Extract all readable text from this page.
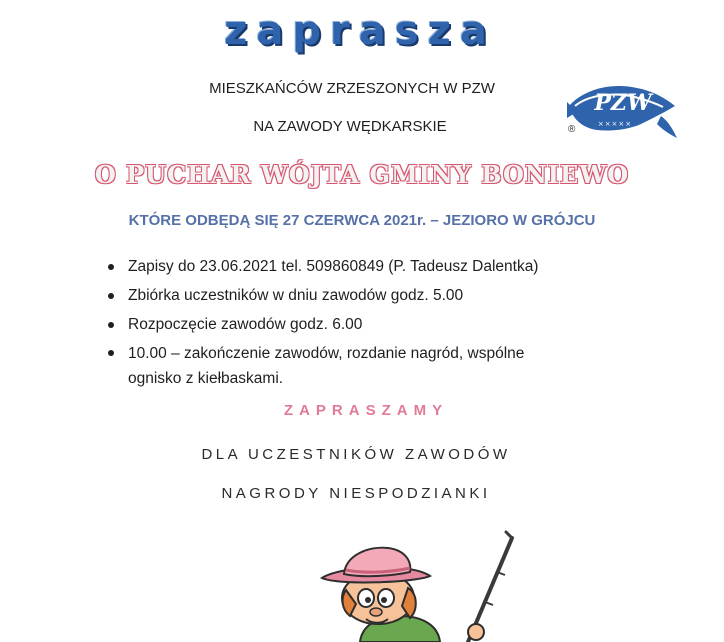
zaprasza
MIESZKAŃCÓW ZRZESZONYCH W PZW
NA ZAWODY WĘDKARSKIE
PZW
×××××
®
O PUCHAR WÓJTA GMINY BONIEWO
KTÓRE ODBĘDĄ SIĘ 27 CZERWCA 2021r. – JEZIORO W GRÓJCU
Zapisy do 23.06.2021 tel. 509860849 (P. Tadeusz Dalentka)
Zbiórka uczestników w dniu zawodów godz. 5.00
Rozpoczęcie zawodów godz. 6.00
10.00 – zakończenie zawodów, rozdanie nagród, wspólne
ognisko z kiełbaskami.
ZAPRASZAMY
DLA UCZESTNIKÓW ZAWODÓW
NAGRODY NIESPODZIANKI
